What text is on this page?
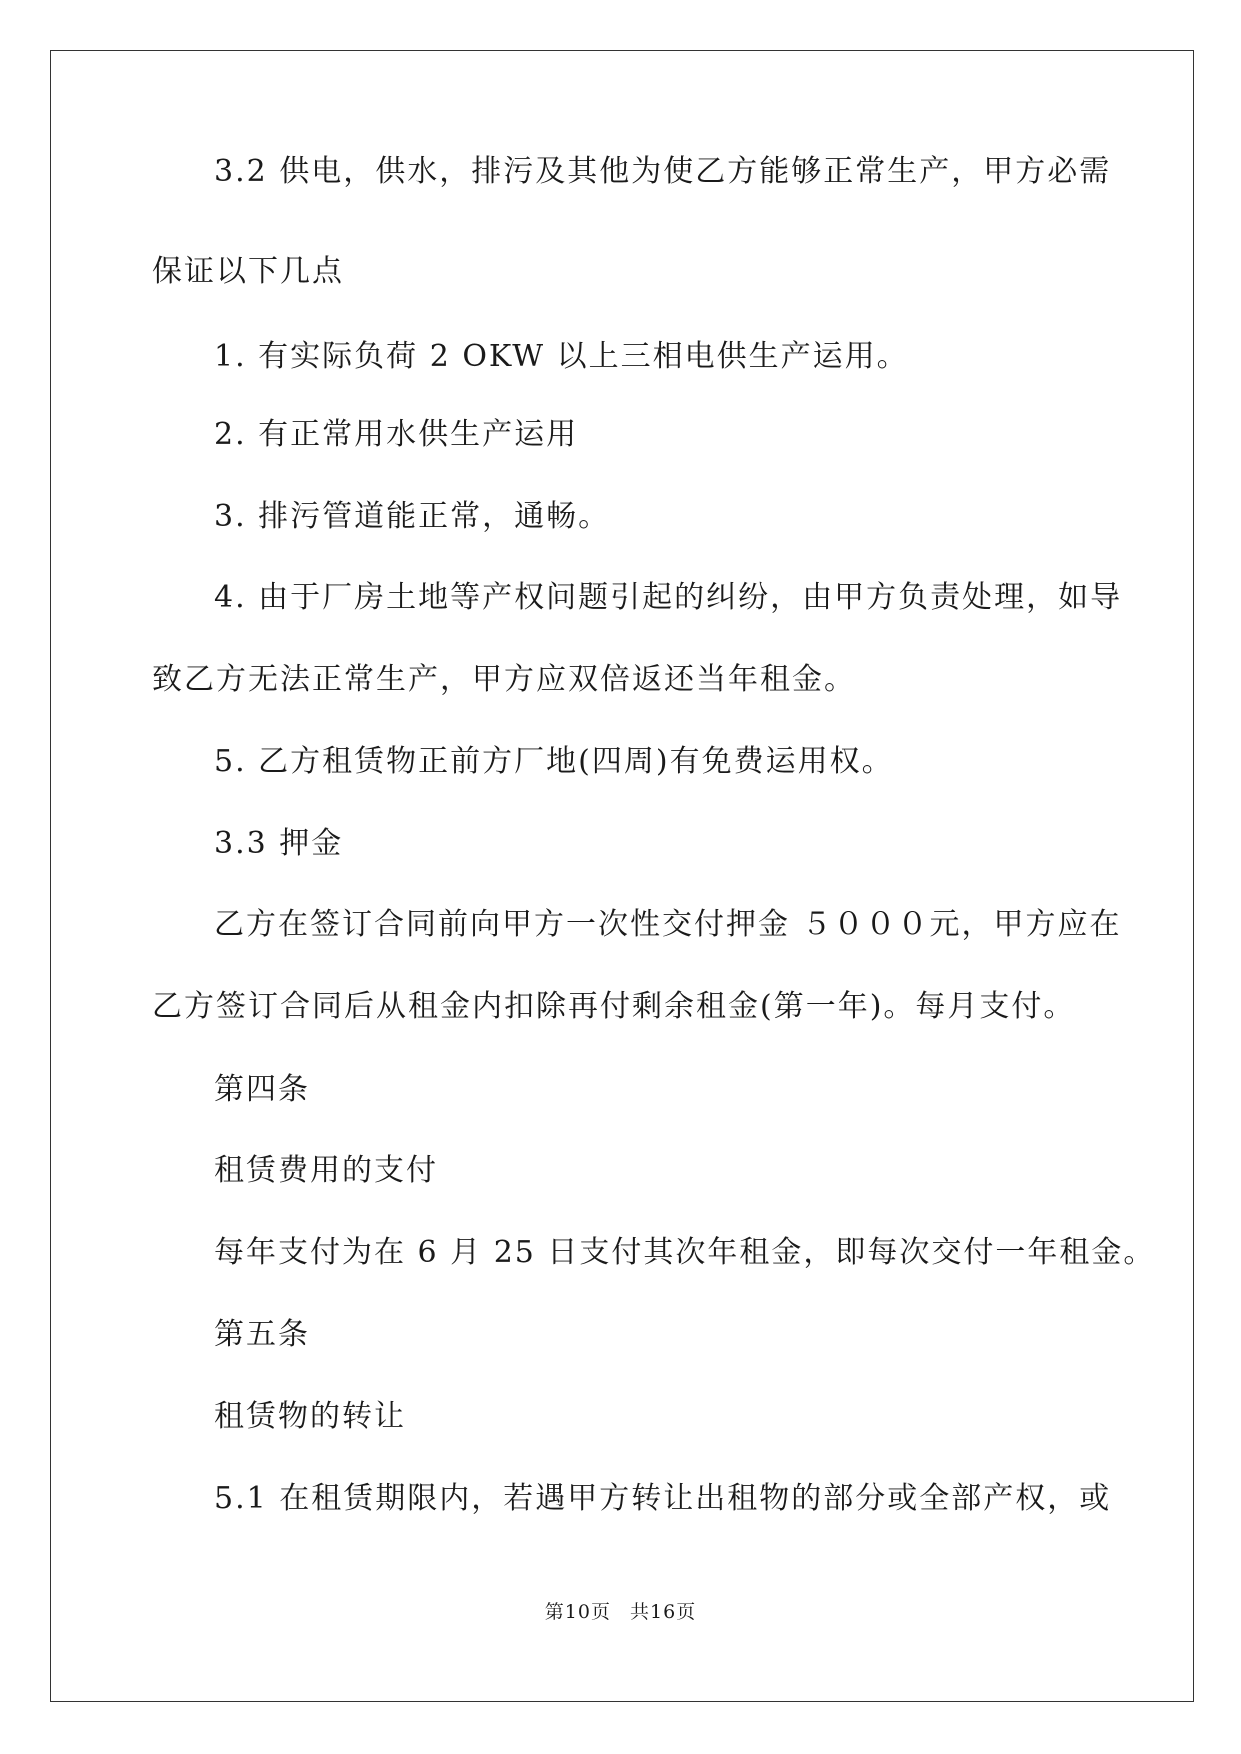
3.2 供电，供水，排污及其他为使乙方能够正常生产，甲方必需
保证以下几点
1. 有实际负荷 2 OKW 以上三相电供生产运用。
2. 有正常用水供生产运用
3. 排污管道能正常，通畅。
4. 由于厂房土地等产权问题引起的纠纷，由甲方负责处理，如导
致乙方无法正常生产，甲方应双倍返还当年租金。
5. 乙方租赁物正前方厂地(四周)有免费运用权。
3.3 押金
乙方在签订合同前向甲方一次性交付押金 ５０００元，甲方应在
乙方签订合同后从租金内扣除再付剩余租金(第一年)。每月支付。
第四条
租赁费用的支付
每年支付为在 6 月 25 日支付其次年租金，即每次交付一年租金。
第五条
租赁物的转让
5.1 在租赁期限内，若遇甲方转让出租物的部分或全部产权，或
第10页 共16页
